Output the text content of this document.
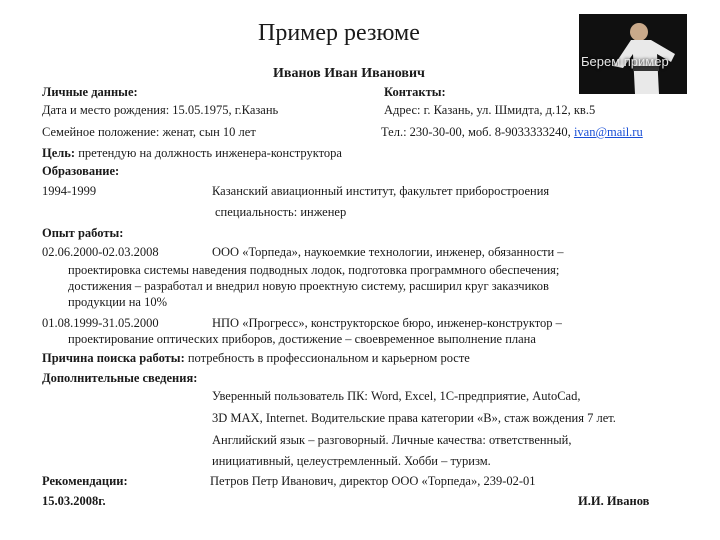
Пример резюме
Берем пример
Иванов Иван Иванович
Личные данные:	Контакты:
Дата и место рождения: 15.05.1975, г.Казань	Адрес: г. Казань, ул. Шмидта, д.12, кв.5
Семейное положение: женат, сын 10 лет	Тел.: 230-30-00, моб. 8-9033333240, ivan@mail.ru
Цель: претендую на должность инженера-конструктора
Образование:
1994-1999	Казанский авиационный институт, факультет приборостроения
специальность: инженер
Опыт работы:
02.06.2000-02.03.2008	ООО «Торпеда», наукоемкие технологии, инженер, обязанности –
проектировка системы наведения подводных лодок, подготовка программного обеспечения;
достижения – разработал и внедрил новую проектную систему, расширил круг заказчиков
продукции на 10%
01.08.1999-31.05.2000	НПО «Прогресс», конструкторское бюро, инженер-конструктор –
проектирование оптических приборов, достижение – своевременное выполнение плана
Причина поиска работы: потребность в профессиональном и карьерном росте
Дополнительные сведения:
Уверенный пользователь ПК: Word, Excel, 1С-предприятие, AutoCad,
3D MAX, Internet. Водительские права категории «В», стаж вождения 7 лет.
Английский язык – разговорный. Личные качества: ответственный,
инициативный, целеустремленный. Хобби – туризм.
Рекомендации:	Петров Петр Иванович, директор ООО «Торпеда», 239-02-01
15.03.2008г.	И.И. Иванов
